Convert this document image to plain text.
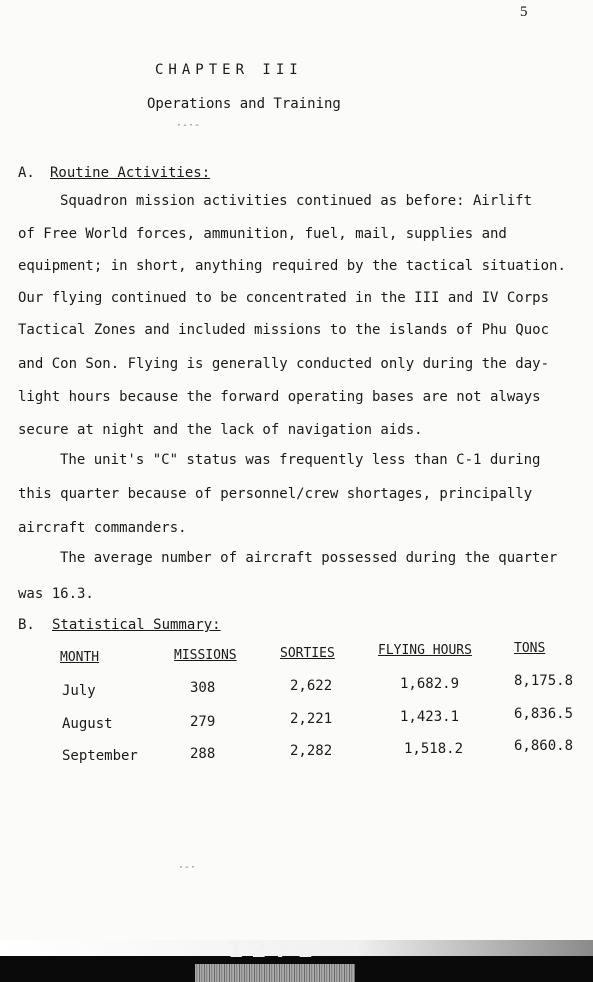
5
CHAPTER III
Operations and Training
A. Routine Activities:
Squadron mission activities continued as before: Airlift
of Free World forces, ammunition, fuel, mail, supplies and
equipment; in short, anything required by the tactical situation.
Our flying continued to be concentrated in the III and IV Corps
Tactical Zones and included missions to the islands of Phu Quoc
and Con Son. Flying is generally conducted only during the day-
light hours because the forward operating bases are not always
secure at night and the lack of navigation aids.
The unit's "C" status was frequently less than C-1 during
this quarter because of personnel/crew shortages, principally
aircraft commanders.
The average number of aircraft possessed during the quarter
was 16.3.
B. Statistical Summary:
MONTH	MISSIONS	SORTIES	FLYING HOURS	TONS
July	308	2,622	1,682.9	8,175.8
August	279	2,221	1,423.1	6,836.5
September	288	2,282	1,518.2	6,860.8
·-·-
·-·
1272
